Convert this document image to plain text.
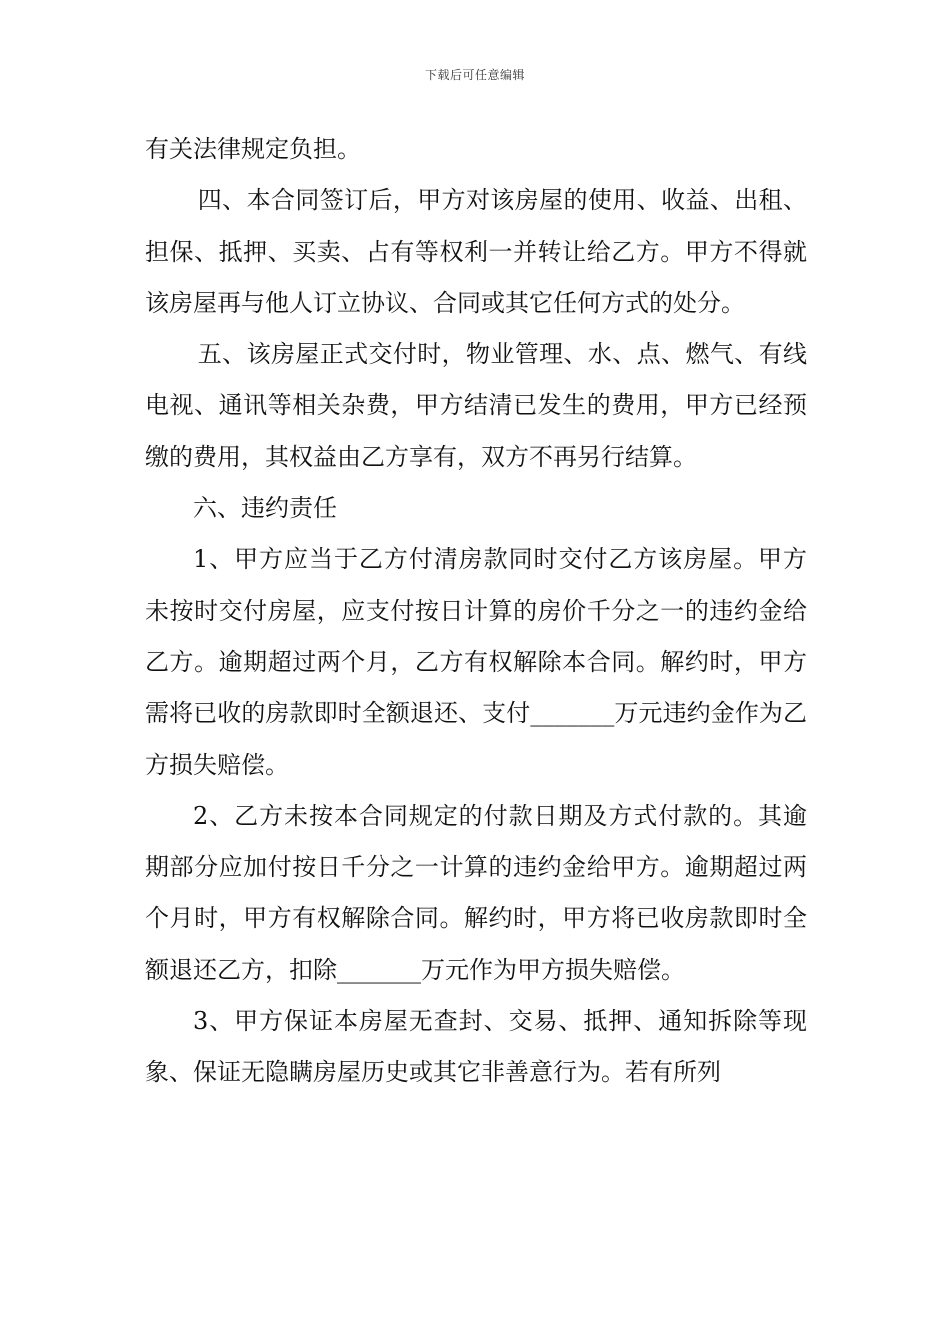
下载后可任意编辑

有关法律规定负担。

四、本合同签订后，甲方对该房屋的使用、收益、出租、担保、抵押、买卖、占有等权利一并转让给乙方。甲方不得就该房屋再与他人订立协议、合同或其它任何方式的处分。

五、该房屋正式交付时，物业管理、水、点、燃气、有线电视、通讯等相关杂费，甲方结清已发生的费用，甲方已经预缴的费用，其权益由乙方享有，双方不再另行结算。

六、违约责任

1、甲方应当于乙方付清房款同时交付乙方该房屋。甲方未按时交付房屋，应支付按日计算的房价千分之一的违约金给乙方。逾期超过两个月，乙方有权解除本合同。解约时，甲方需将已收的房款即时全额退还、支付_______万元违约金作为乙方损失赔偿。

2、乙方未按本合同规定的付款日期及方式付款的。其逾期部分应加付按日千分之一计算的违约金给甲方。逾期超过两个月时，甲方有权解除合同。解约时，甲方将已收房款即时全额退还乙方，扣除_______万元作为甲方损失赔偿。

3、甲方保证本房屋无查封、交易、抵押、通知拆除等现象、保证无隐瞒房屋历史或其它非善意行为。若有所列
